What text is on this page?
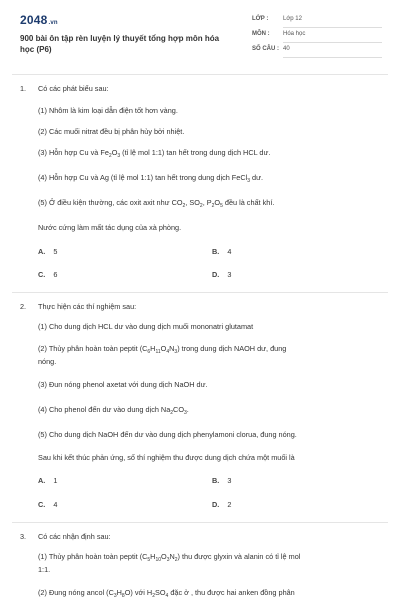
2048.vn
900 bài ôn tập rèn luyện lý thuyết tổng hợp môn hóa học (P6)
LỚP : Lớp 12
MÔN : Hóa học
SỐ CÂU : 40
1. Có các phát biểu sau:
(1) Nhôm là kim loại dẫn điện tốt hơn vàng.
(2) Các muối nitrat đều bị phân hủy bởi nhiệt.
(3) Hỗn hợp Cu và $Fe_2O_3$ (tỉ lệ mol 1:1) tan hết trong dung dịch HCL dư.
(4) Hỗn hợp Cu và Ag (tỉ lệ mol 1:1) tan hết trong dung dịch FeCl$_3$ dư.
(5) Ở điều kiện thường, các oxit axit như $CO_2$, $SO_2$, $P_2O_5$ đều là chất khí.
Nước cứng làm mất tác dụng của xà phòng.
A. 5	B. 4
C. 6	D. 3
2. Thực hiện các thí nghiệm sau:
(1) Cho dung dịch HCL dư vào dung dịch muối mononatri glutamat
(2) Thủy phân hoàn toàn peptit $(C_6H_{11}O_4N_3)$ trong dung dịch NAOH dư, đung
nóng.
(3) Đun nóng phenol axetat với dung dịch NaOH dư.
(4) Cho phenol đến dư vào dung dịch $Na_2CO_3$.
(5) Cho dung dịch NaOH đến dư vào dung dịch phenylamoni clorua, đung nóng.
Sau khi kết thúc phản ứng, số thí nghiệm thu được dung dịch chứa một muối là
A. 1	B. 3
C. 4	D. 2
3. Có các nhận định sau:
(1) Thủy phân hoàn toàn peptit $(C_5H_{10}O_3N_2)$ thu được glyxin và alanin có tỉ lệ mol
1:1.
(2) Đung nóng ancol $(C_3H_8O)$ với $H_2SO_4$ đặc ở , thu được hai anken đồng phân
